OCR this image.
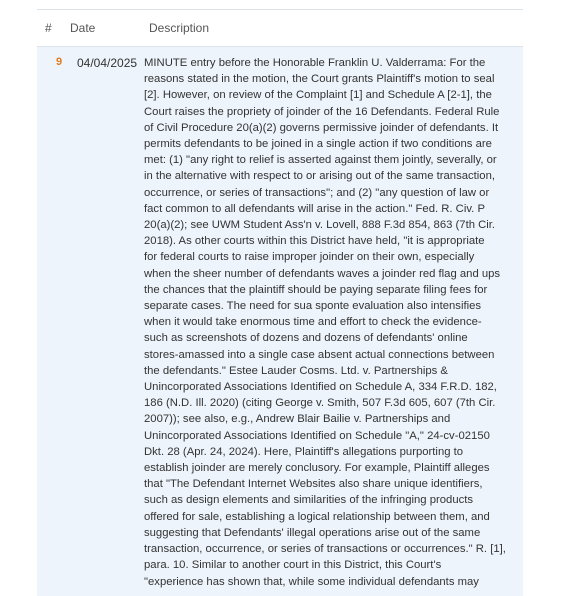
# Date	Description
9 04/04/2025 MINUTE entry before the Honorable Franklin U. Valderrama: For the
reasons stated in the motion, the Court grants Plaintiff's motion to seal
[2]. However, on review of the Complaint [1] and Schedule A [2-1], the
Court raises the propriety of joinder of the 16 Defendants. Federal Rule
of Civil Procedure 20(a)(2) governs permissive joinder of defendants. It
permits defendants to be joined in a single action if two conditions are
met: (1) "any right to relief is asserted against them jointly, severally, or
in the alternative with respect to or arising out of the same transaction,
occurrence, or series of transactions"; and (2) "any question of law or
fact common to all defendants will arise in the action." Fed. R. Civ. P
20(a)(2); see UWM Student Ass'n v. Lovell, 888 F.3d 854, 863 (7th Cir.
2018). As other courts within this District have held, "it is appropriate
for federal courts to raise improper joinder on their own, especially
when the sheer number of defendants waves a joinder red flag and ups
the chances that the plaintiff should be paying separate filing fees for
separate cases. The need for sua sponte evaluation also intensifies
when it would take enormous time and effort to check the evidence-
such as screenshots of dozens and dozens of defendants' online
stores-amassed into a single case absent actual connections between
the defendants." Estee Lauder Cosms. Ltd. v. Partnerships &
Unincorporated Associations Identified on Schedule A, 334 F.R.D. 182,
186 (N.D. Ill. 2020) (citing George v. Smith, 507 F.3d 605, 607 (7th Cir.
2007)); see also, e.g., Andrew Blair Bailie v. Partnerships and
Unincorporated Associations Identified on Schedule "A," 24-cv-02150
Dkt. 28 (Apr. 24, 2024). Here, Plaintiff's allegations purporting to
establish joinder are merely conclusory. For example, Plaintiff alleges
that "The Defendant Internet Websites also share unique identifiers,
such as design elements and similarities of the infringing products
offered for sale, establishing a logical relationship between them, and
suggesting that Defendants' illegal operations arise out of the same
transaction, occurrence, or series of transactions or occurrences." R. [1],
para. 10. Similar to another court in this District, this Court's
"experience has shown that, while some individual defendants may
